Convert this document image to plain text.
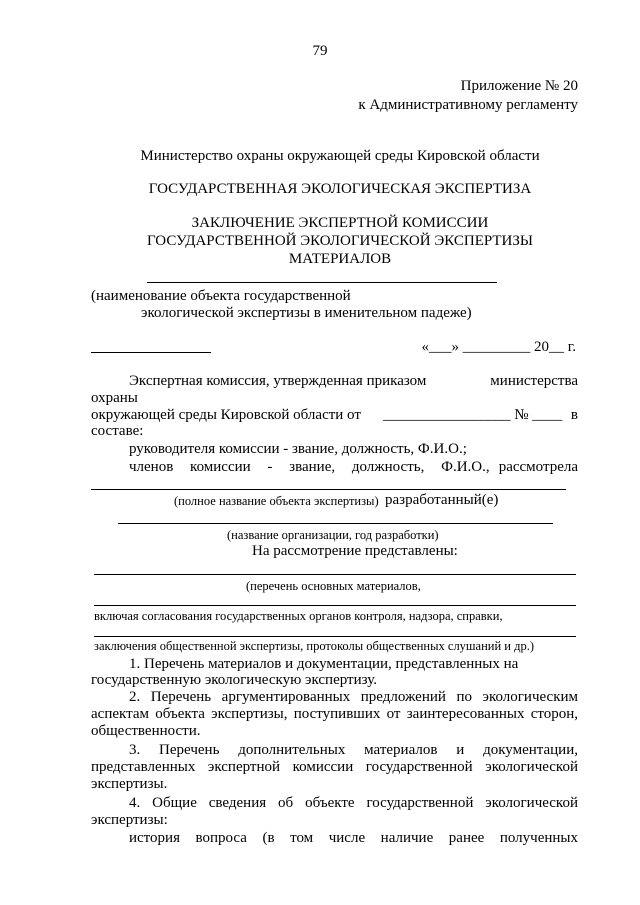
79
Приложение № 20
к Административному регламенту
Министерство охраны окружающей среды Кировской области
ГОСУДАРСТВЕННАЯ ЭКОЛОГИЧЕСКАЯ ЭКСПЕРТИЗА
ЗАКЛЮЧЕНИЕ ЭКСПЕРТНОЙ КОМИССИИ
ГОСУДАРСТВЕННОЙ ЭКОЛОГИЧЕСКОЙ ЭКСПЕРТИЗЫ
МАТЕРИАЛОВ
(наименование объекта государственной
экологической экспертизы в именительном падеже)
«___» _________ 20__ г.
Экспертная комиссия, утвержденная приказом	министерства
охраны
окружающей среды Кировской области от _________________ № ____ в
составе:
руководителя комиссии - звание, должность, Ф.И.О.;
членов комиссии - звание, должность, Ф.И.О., рассмотрела
(полное название объекта экспертизы) разработанный(е)
(название организации, год разработки)
На рассмотрение представлены:
(перечень основных материалов,
включая согласования государственных органов контроля, надзора, справки,
заключения общественной экспертизы, протоколы общественных слушаний и др.)
1. Перечень материалов и документации, представленных на
государственную экологическую экспертизу.
2. Перечень аргументированных предложений по экологическим
аспектам объекта экспертизы, поступивших от заинтересованных сторон,
общественности.
3. Перечень дополнительных материалов и документации,
представленных экспертной комиссии государственной экологической
экспертизы.
4. Общие сведения об объекте государственной экологической
экспертизы:
история вопроса (в том числе наличие ранее полученных
